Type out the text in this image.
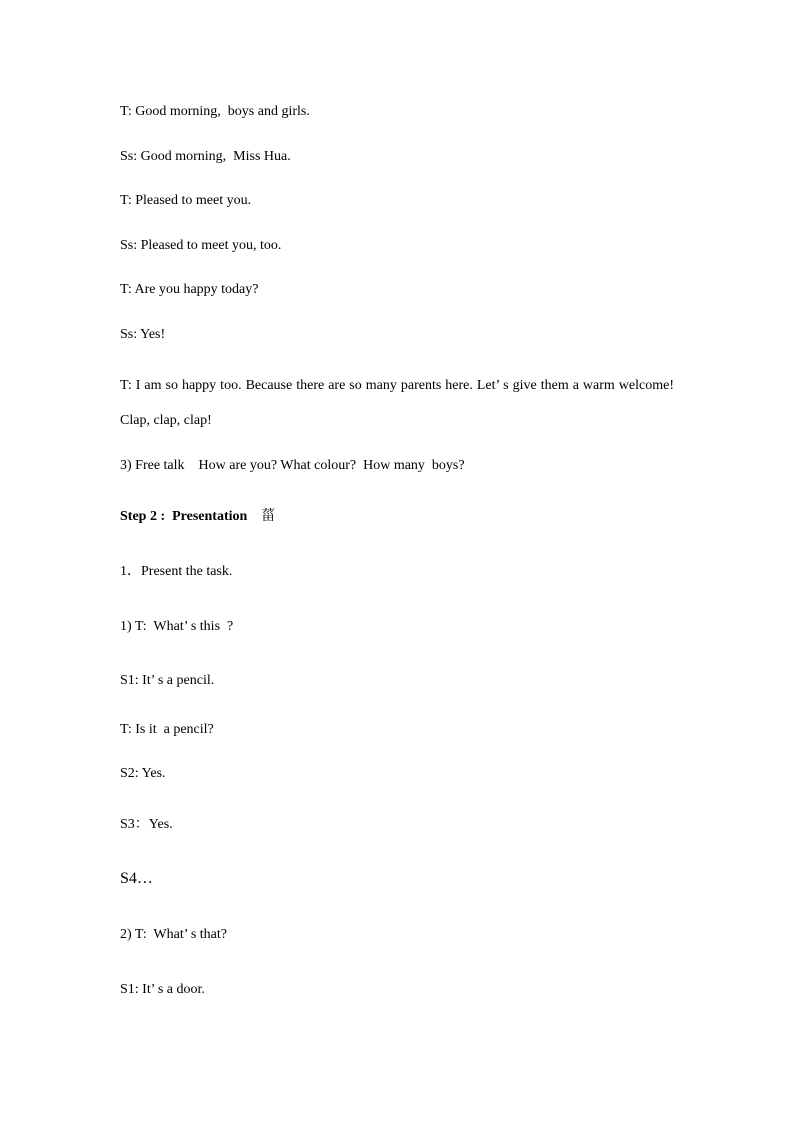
T: Good morning,  boys and girls.
Ss: Good morning,  Miss Hua.
T: Pleased to meet you.
Ss: Pleased to meet you, too.
T: Are you happy today?
Ss: Yes!
T: I am so happy too. Because there are so many parents here. Let’ s give them a warm welcome! Clap, clap, clap!
3) Free talk    How are you? What colour?  How many  boys?
Step 2 :  Presentation 菑
1．Present the task.
1) T:  What’ s this  ?
S1: It’ s a pencil.
T: Is it  a pencil?
S2: Yes.
S3：Yes.
S4…
2) T:  What’ s that?
S1: It’ s a door.
